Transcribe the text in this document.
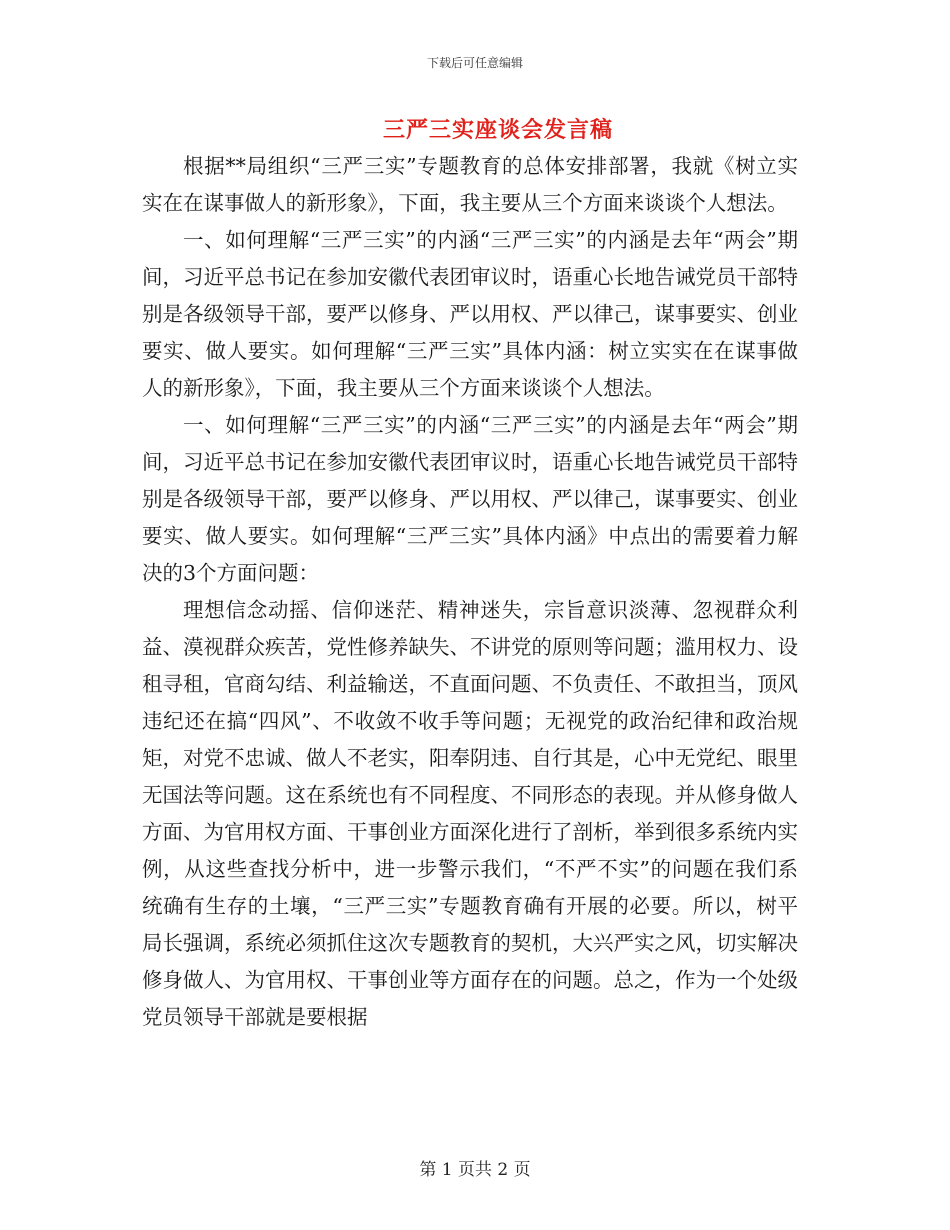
下载后可任意编辑
三严三实座谈会发言稿

根据**局组织“三严三实”专题教育的总体安排部署，我就《树立实实在在谋事做人的新形象》，下面，我主要从三个方面来谈谈个人想法。

一、如何理解“三严三实”的内涵“三严三实”的内涵是去年“两会”期间，习近平总书记在参加安徽代表团审议时，语重心长地告诫党员干部特别是各级领导干部，要严以修身、严以用权、严以律己，谋事要实、创业要实、做人要实。如何理解“三严三实”具体内涵：树立实实在在谋事做人的新形象》，下面，我主要从三个方面来谈谈个人想法。

一、如何理解“三严三实”的内涵“三严三实”的内涵是去年“两会”期间，习近平总书记在参加安徽代表团审议时，语重心长地告诫党员干部特别是各级领导干部，要严以修身、严以用权、严以律己，谋事要实、创业要实、做人要实。如何理解“三严三实”具体内涵》中点出的需要着力解决的3个方面问题：

理想信念动摇、信仰迷茫、精神迷失，宗旨意识淡薄、忽视群众利益、漠视群众疾苦，党性修养缺失、不讲党的原则等问题；滥用权力、设租寻租，官商勾结、利益输送，不直面问题、不负责任、不敢担当，顶风违纪还在搞“四风”、不收敛不收手等问题；无视党的政治纪律和政治规矩，对党不忠诚、做人不老实，阳奉阴违、自行其是，心中无党纪、眼里无国法等问题。这在系统也有不同程度、不同形态的表现。并从修身做人方面、为官用权方面、干事创业方面深化进行了剖析，举到很多系统内实例，从这些查找分析中，进一步警示我们，“不严不实”的问题在我们系统确有生存的土壤，“三严三实”专题教育确有开展的必要。所以，树平局长强调，系统必须抓住这次专题教育的契机，大兴严实之风，切实解决修身做人、为官用权、干事创业等方面存在的问题。总之，作为一个处级党员领导干部就是要根据

第 1 页共 2 页
